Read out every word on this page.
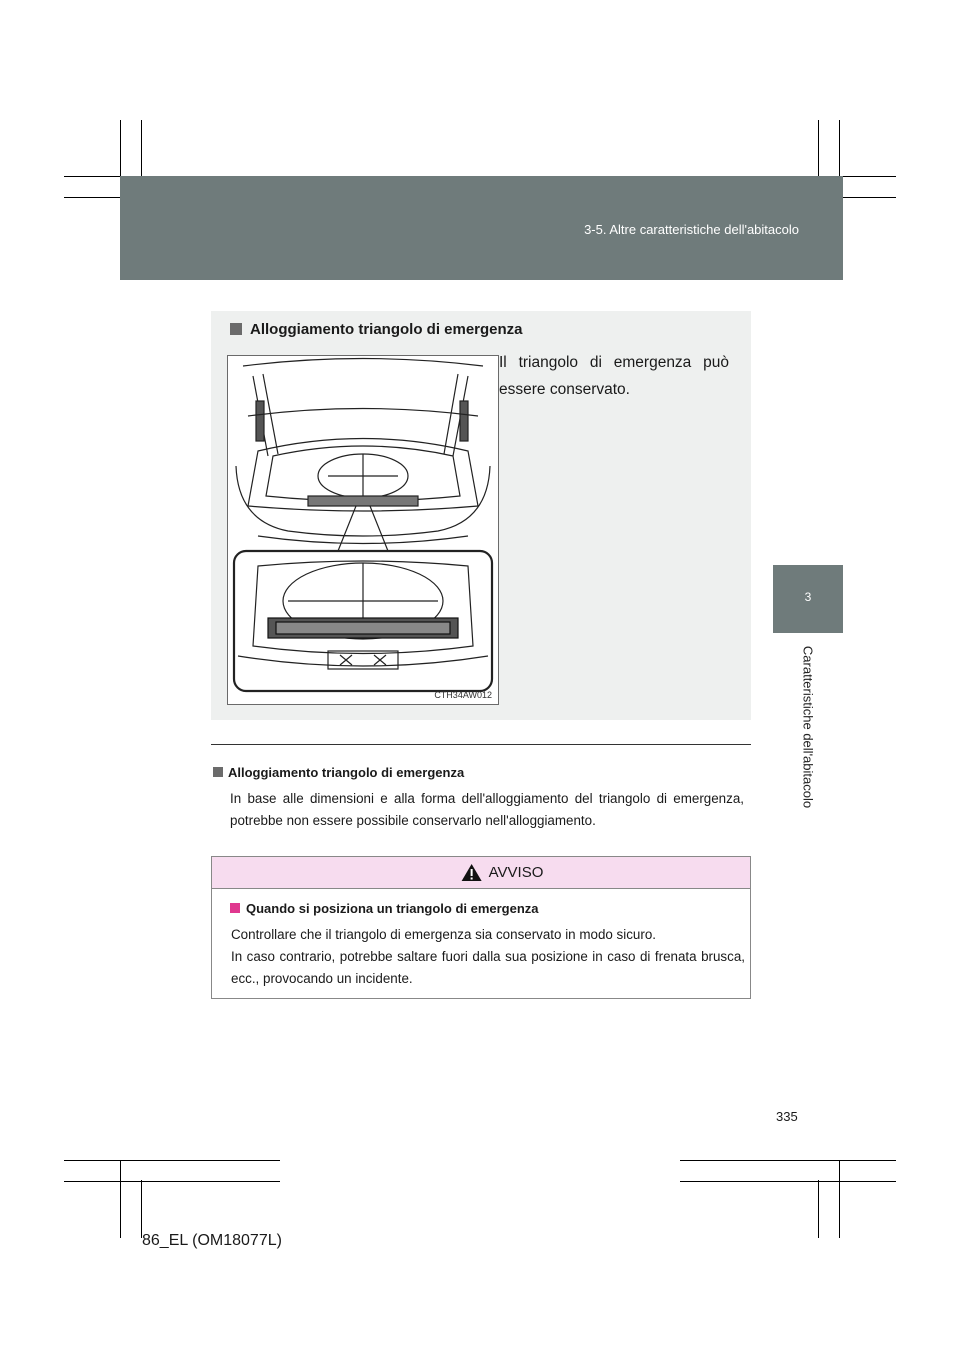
3-5. Altre caratteristiche dell'abitacolo
3
Caratteristiche dell'abitacolo
Alloggiamento triangolo di emergenza
CTH34AW012
Il triangolo di emergenza può essere conservato.
Alloggiamento triangolo di emergenza
In base alle dimensioni e alla forma dell'alloggiamento del triangolo di emergenza, potrebbe non essere possibile conservarlo nell'alloggiamento.
AVVISO
Quando si posiziona un triangolo di emergenza
Controllare che il triangolo di emergenza sia conservato in modo sicuro.
In caso contrario, potrebbe saltare fuori dalla sua posizione in caso di frenata brusca, ecc., provocando un incidente.
335
86_EL (OM18077L)
